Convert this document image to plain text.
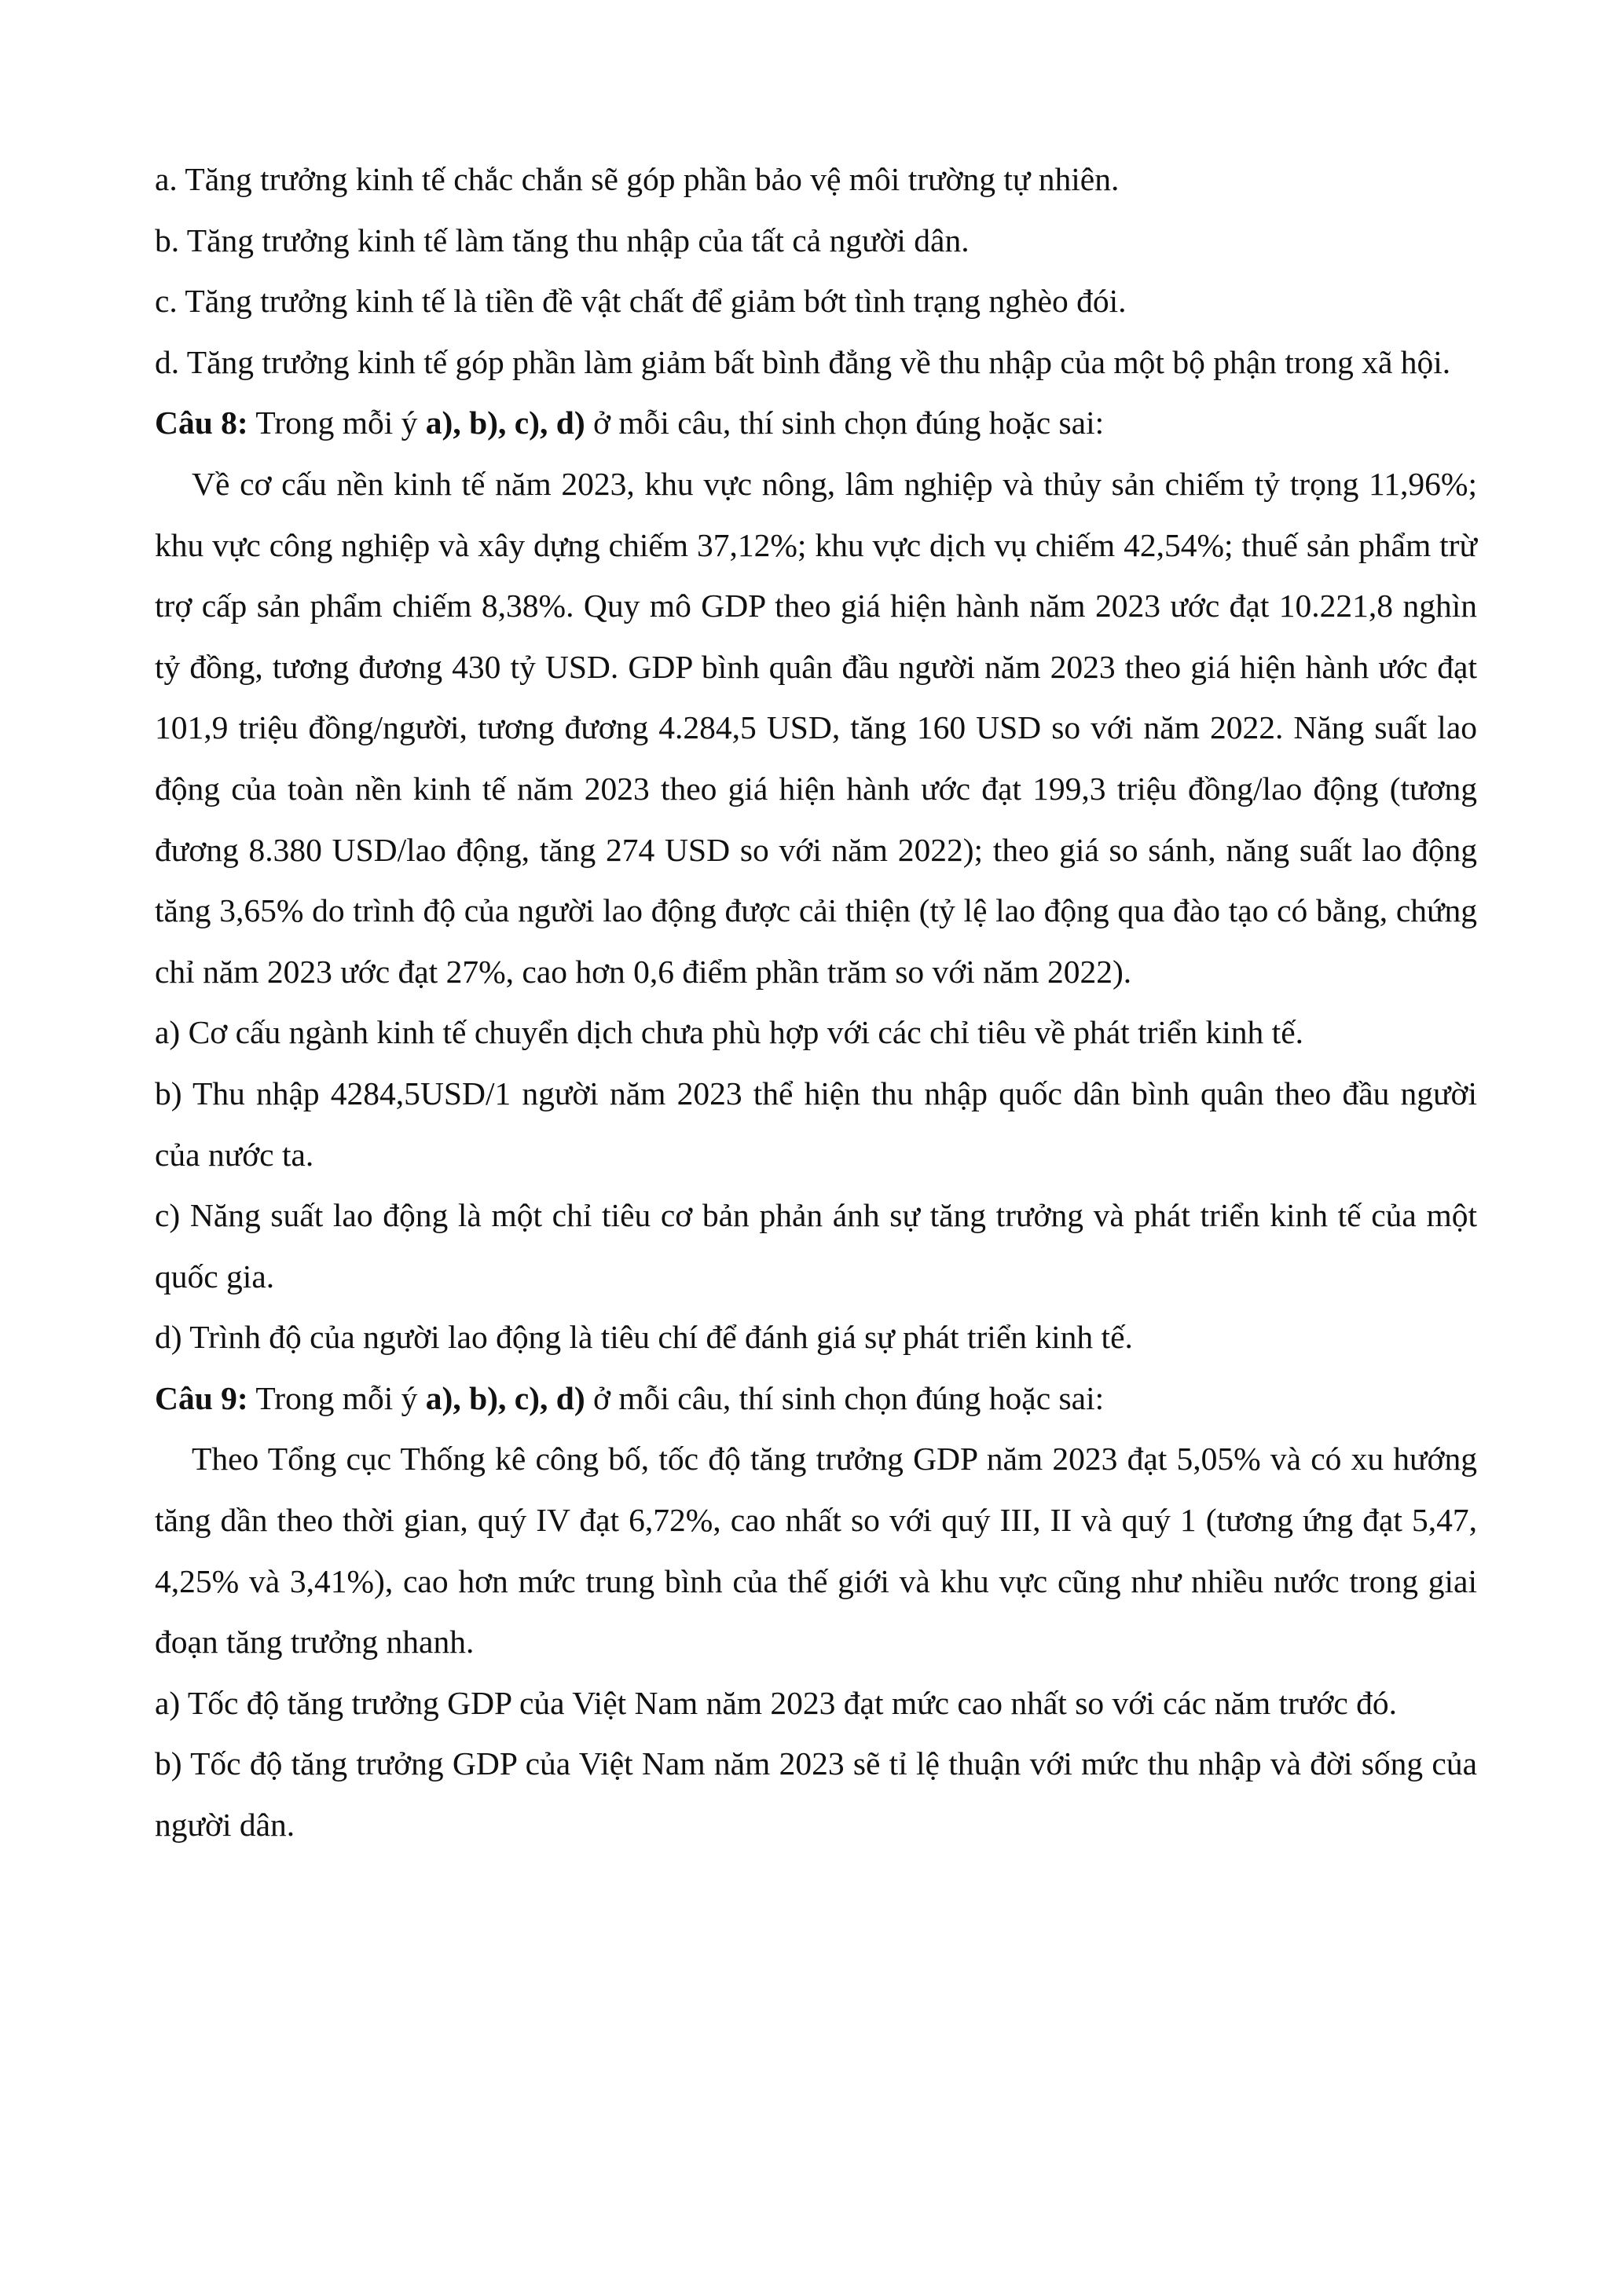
a. Tăng trưởng kinh tế chắc chắn sẽ góp phần bảo vệ môi trường tự nhiên.

b. Tăng trưởng kinh tế làm tăng thu nhập của tất cả người dân.

c. Tăng trưởng kinh tế là tiền đề vật chất để giảm bớt tình trạng nghèo đói.

d. Tăng trưởng kinh tế góp phần làm giảm bất bình đẳng về thu nhập của một bộ phận trong xã hội.

Câu 8: Trong mỗi ý a), b), c), d) ở mỗi câu, thí sinh chọn đúng hoặc sai:

Về cơ cấu nền kinh tế năm 2023, khu vực nông, lâm nghiệp và thủy sản chiếm tỷ trọng 11,96%; khu vực công nghiệp và xây dựng chiếm 37,12%; khu vực dịch vụ chiếm 42,54%; thuế sản phẩm trừ trợ cấp sản phẩm chiếm 8,38%. Quy mô GDP theo giá hiện hành năm 2023 ước đạt 10.221,8 nghìn tỷ đồng, tương đương 430 tỷ USD. GDP bình quân đầu người năm 2023 theo giá hiện hành ước đạt 101,9 triệu đồng/người, tương đương 4.284,5 USD, tăng 160 USD so với năm 2022. Năng suất lao động của toàn nền kinh tế năm 2023 theo giá hiện hành ước đạt 199,3 triệu đồng/lao động (tương đương 8.380 USD/lao động, tăng 274 USD so với năm 2022); theo giá so sánh, năng suất lao động tăng 3,65% do trình độ của người lao động được cải thiện (tỷ lệ lao động qua đào tạo có bằng, chứng chỉ năm 2023 ước đạt 27%, cao hơn 0,6 điểm phần trăm so với năm 2022).

a) Cơ cấu ngành kinh tế chuyển dịch chưa phù hợp với các chỉ tiêu về phát triển kinh tế.

b) Thu nhập 4284,5USD/1 người năm 2023 thể hiện thu nhập quốc dân bình quân theo đầu người của nước ta.

c) Năng suất lao động là một chỉ tiêu cơ bản phản ánh sự tăng trưởng và phát triển kinh tế của một quốc gia.

d) Trình độ của người lao động là tiêu chí để đánh giá sự phát triển kinh tế.

Câu 9: Trong mỗi ý a), b), c), d) ở mỗi câu, thí sinh chọn đúng hoặc sai:

Theo Tổng cục Thống kê công bố, tốc độ tăng trưởng GDP năm 2023 đạt 5,05% và có xu hướng tăng dần theo thời gian, quý IV đạt 6,72%, cao nhất so với quý III, II và quý 1 (tương ứng đạt 5,47, 4,25% và 3,41%), cao hơn mức trung bình của thế giới và khu vực cũng như nhiều nước trong giai đoạn tăng trưởng nhanh.

a) Tốc độ tăng trưởng GDP của Việt Nam năm 2023 đạt mức cao nhất so với các năm trước đó.

b) Tốc độ tăng trưởng GDP của Việt Nam năm 2023 sẽ tỉ lệ thuận với mức thu nhập và đời sống của người dân.
